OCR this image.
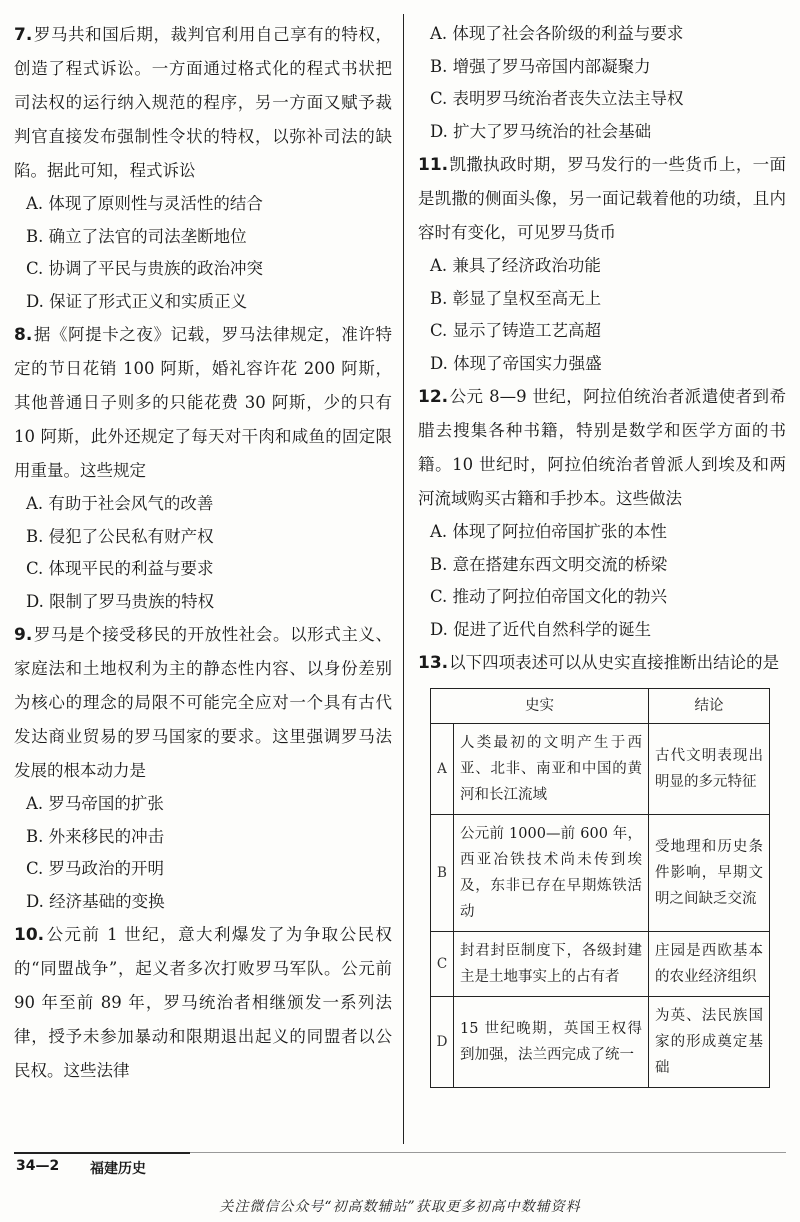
7.罗马共和国后期，裁判官利用自己享有的特权，创造了程式诉讼。一方面通过格式化的程式书状把司法权的运行纳入规范的程序，另一方面又赋予裁判官直接发布强制性令状的特权，以弥补司法的缺陷。据此可知，程式诉讼

A. 体现了原则性与灵活性的结合

B. 确立了法官的司法垄断地位

C. 协调了平民与贵族的政治冲突

D. 保证了形式正义和实质正义

8.据《阿提卡之夜》记载，罗马法律规定，准许特定的节日花销 100 阿斯，婚礼容许花 200 阿斯，其他普通日子则多的只能花费 30 阿斯，少的只有 10 阿斯，此外还规定了每天对干肉和咸鱼的固定限用重量。这些规定

A. 有助于社会风气的改善

B. 侵犯了公民私有财产权

C. 体现平民的利益与要求

D. 限制了罗马贵族的特权

9.罗马是个接受移民的开放性社会。以形式主义、家庭法和土地权利为主的静态性内容、以身份差别为核心的理念的局限不可能完全应对一个具有古代发达商业贸易的罗马国家的要求。这里强调罗马法发展的根本动力是

A. 罗马帝国的扩张

B. 外来移民的冲击

C. 罗马政治的开明

D. 经济基础的变换

10.公元前 1 世纪，意大利爆发了为争取公民权的“同盟战争”，起义者多次打败罗马军队。公元前 90 年至前 89 年，罗马统治者相继颁发一系列法律，授予未参加暴动和限期退出起义的同盟者以公民权。这些法律

A. 体现了社会各阶级的利益与要求

B. 增强了罗马帝国内部凝聚力

C. 表明罗马统治者丧失立法主导权

D. 扩大了罗马统治的社会基础

11.凯撒执政时期，罗马发行的一些货币上，一面是凯撒的侧面头像，另一面记载着他的功绩，且内容时有变化，可见罗马货币

A. 兼具了经济政治功能

B. 彰显了皇权至高无上

C. 显示了铸造工艺高超

D. 体现了帝国实力强盛

12.公元 8—9 世纪，阿拉伯统治者派遣使者到希腊去搜集各种书籍，特别是数学和医学方面的书籍。10 世纪时，阿拉伯统治者曾派人到埃及和两河流域购买古籍和手抄本。这些做法

A. 体现了阿拉伯帝国扩张的本性

B. 意在搭建东西文明交流的桥梁

C. 推动了阿拉伯帝国文化的勃兴

D. 促进了近代自然科学的诞生

13.以下四项表述可以从史实直接推断出结论的是

史实		结论
A	人类最初的文明产生于西亚、北非、南亚和中国的黄河和长江流域	古代文明表现出明显的多元特征
B	公元前 1000—前 600 年，西亚冶铁技术尚未传到埃及，东非已存在早期炼铁活动	受地理和历史条件影响，早期文明之间缺乏交流
C	封君封臣制度下，各级封建主是土地事实上的占有者	庄园是西欧基本的农业经济组织
D	15 世纪晚期，英国王权得到加强，法兰西完成了统一	为英、法民族国家的形成奠定基础
34—2 福建历史
关注微信公众号“初高数辅站”获取更多初高中数辅资料
